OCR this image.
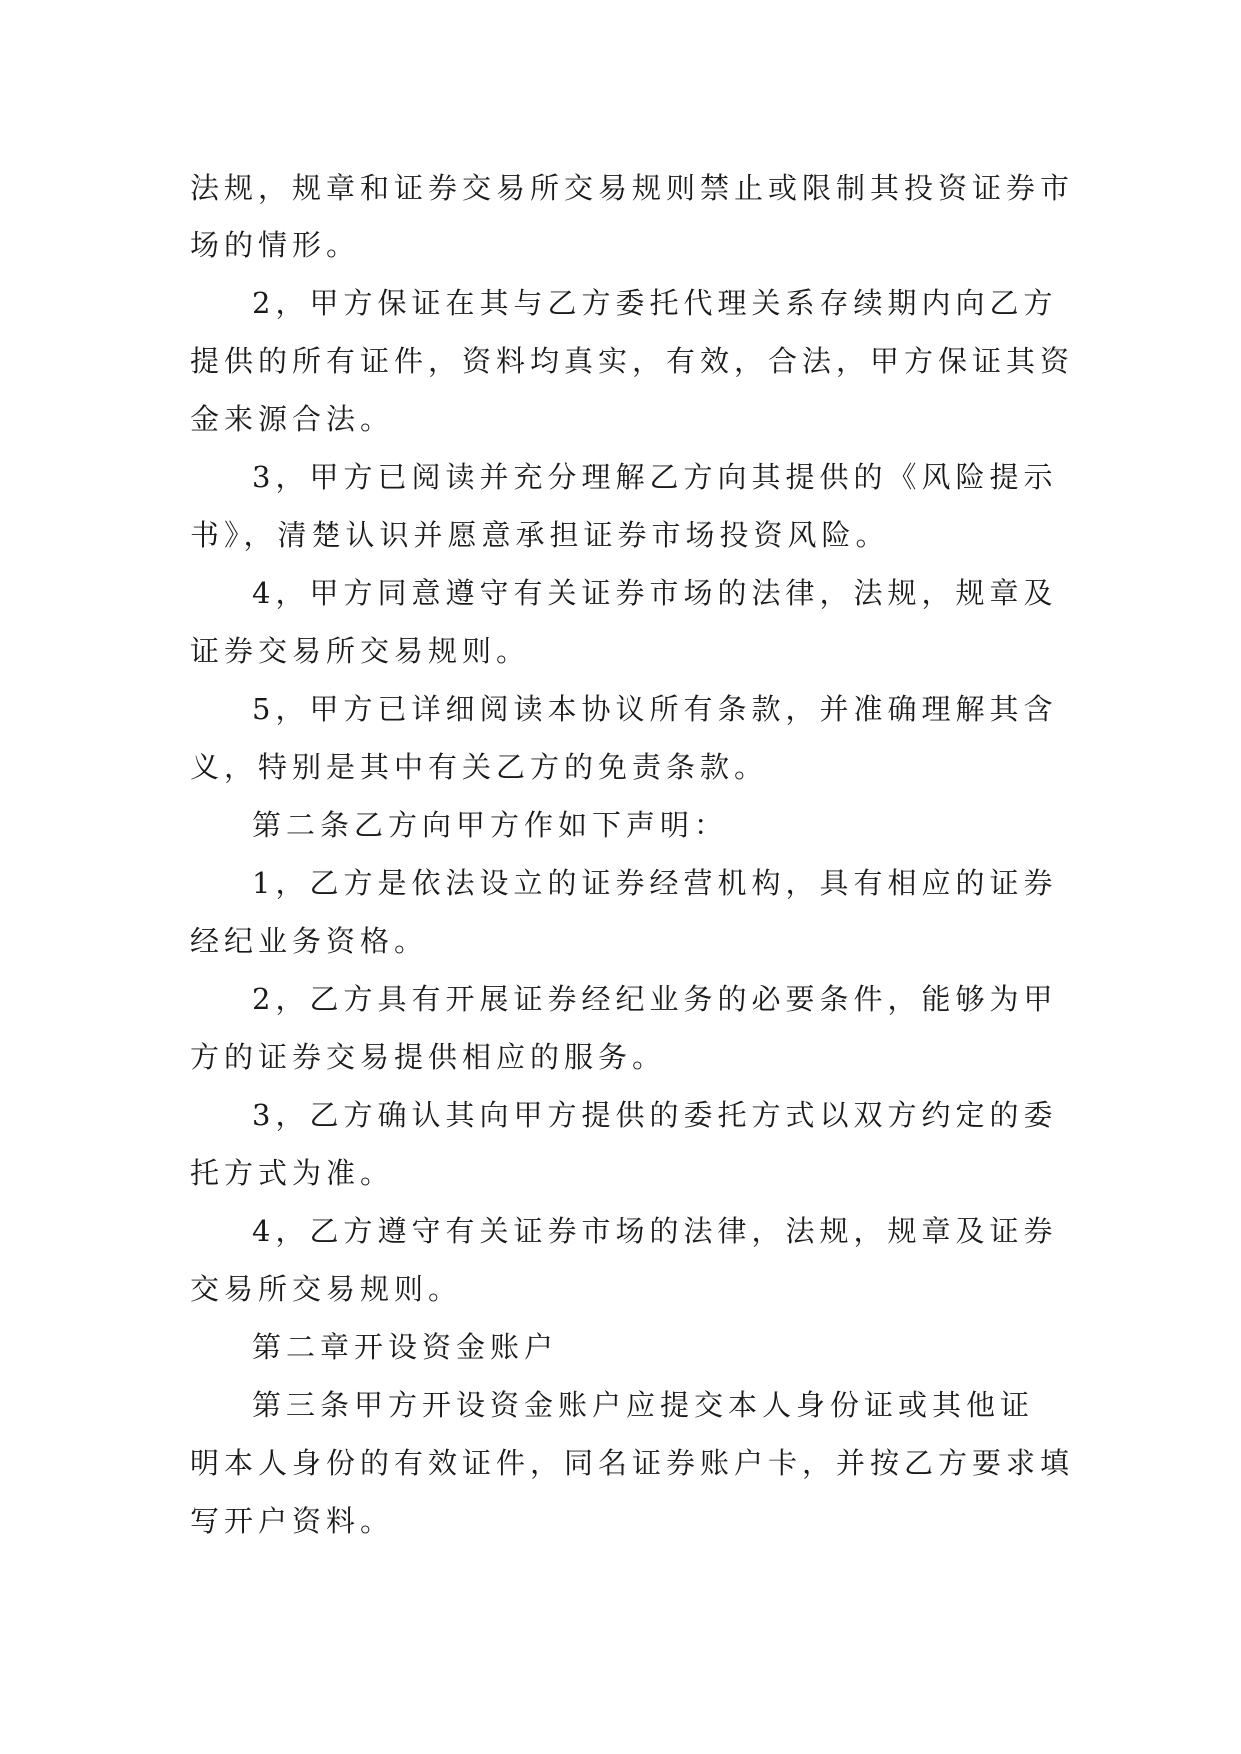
法规，规章和证券交易所交易规则禁止或限制其投资证券市
场的情形。
2，甲方保证在其与乙方委托代理关系存续期内向乙方
提供的所有证件，资料均真实，有效，合法，甲方保证其资
金来源合法。
3，甲方已阅读并充分理解乙方向其提供的《风险提示
书》，清楚认识并愿意承担证券市场投资风险。
4，甲方同意遵守有关证券市场的法律，法规，规章及
证券交易所交易规则。
5，甲方已详细阅读本协议所有条款，并准确理解其含
义，特别是其中有关乙方的免责条款。
第二条乙方向甲方作如下声明：
1，乙方是依法设立的证券经营机构，具有相应的证券
经纪业务资格。
2，乙方具有开展证券经纪业务的必要条件，能够为甲
方的证券交易提供相应的服务。
3，乙方确认其向甲方提供的委托方式以双方约定的委
托方式为准。
4，乙方遵守有关证券市场的法律，法规，规章及证券
交易所交易规则。
第二章开设资金账户
第三条甲方开设资金账户应提交本人身份证或其他证
明本人身份的有效证件，同名证券账户卡，并按乙方要求填
写开户资料。
